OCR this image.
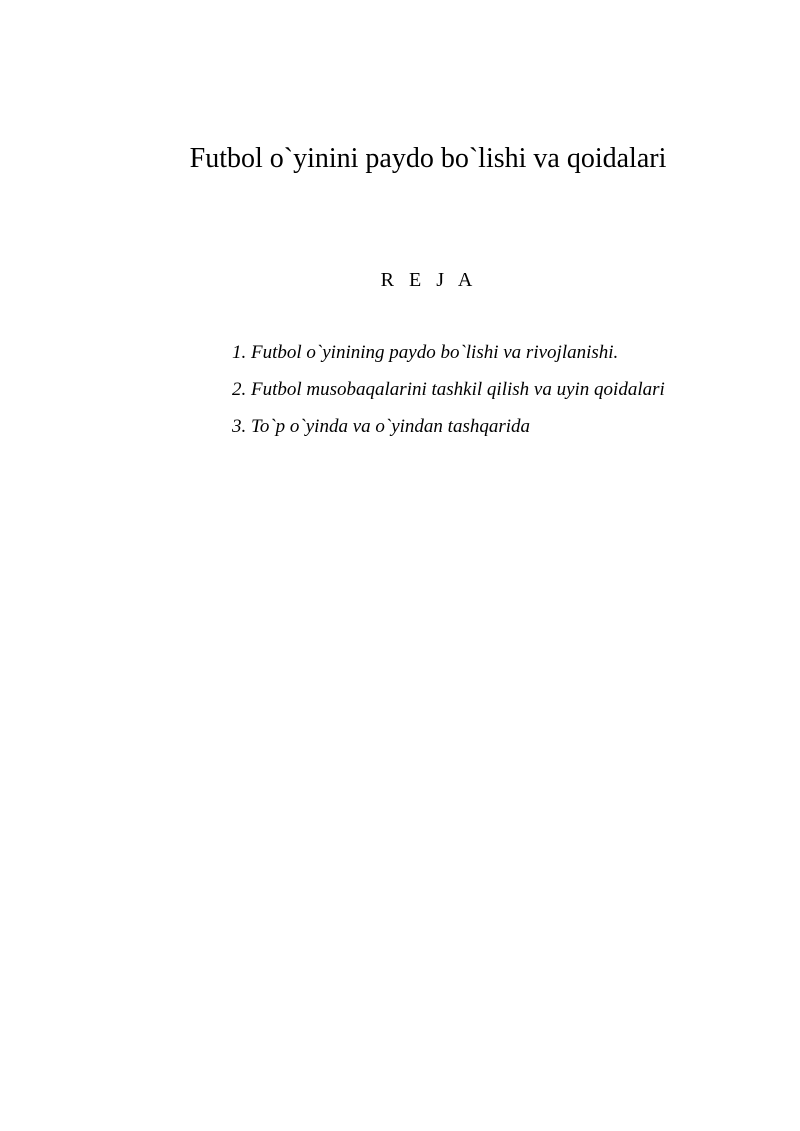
Futbol o`yinini paydo bo`lishi va qoidalari
R E J A
1. Futbol o`yinining paydo bo`lishi va rivojlanishi.
2. Futbol musobaqalarini tashkil qilish va uyin qoidalari
3. To`p o`yinda va o`yindan tashqarida
